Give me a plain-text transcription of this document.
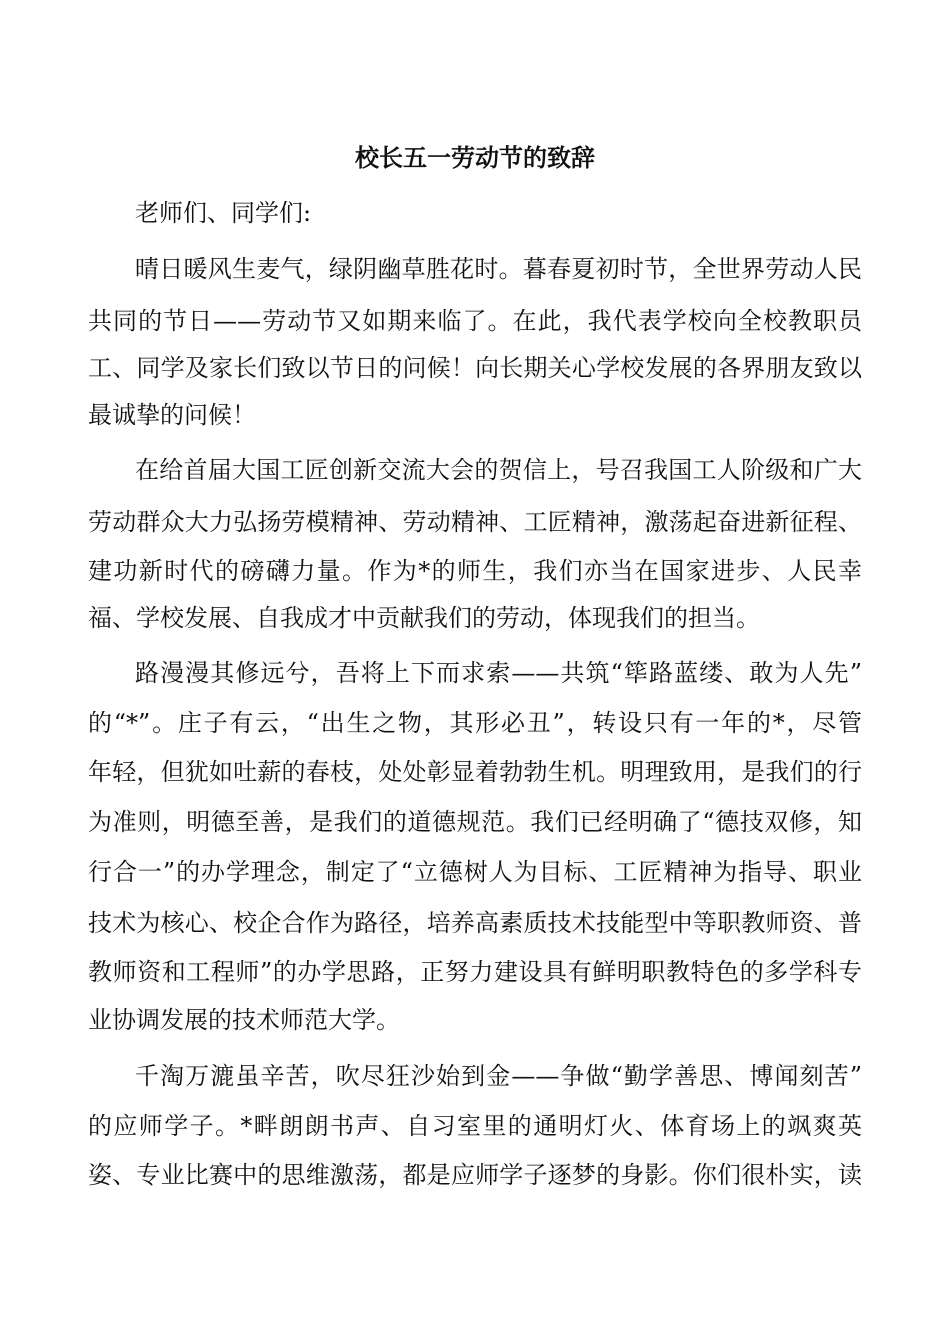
校长五一劳动节的致辞

老师们、同学们:

晴日暖风生麦气，绿阴幽草胜花时。暮春夏初时节，全世界劳动人民
共同的节日——劳动节又如期来临了。在此，我代表学校向全校教职员
工、同学及家长们致以节日的问候！向长期关心学校发展的各界朋友致以
最诚挚的问候！
在给首届大国工匠创新交流大会的贺信上，号召我国工人阶级和广大
劳动群众大力弘扬劳模精神、劳动精神、工匠精神，激荡起奋进新征程、
建功新时代的磅礴力量。作为*的师生，我们亦当在国家进步、人民幸
福、学校发展、自我成才中贡献我们的劳动，体现我们的担当。
路漫漫其修远兮，吾将上下而求索——共筑“筚路蓝缕、敢为人先”
的“*”。庄子有云，“出生之物，其形必丑”，转设只有一年的*，尽管
年轻，但犹如吐薪的春枝，处处彰显着勃勃生机。明理致用，是我们的行
为准则，明德至善，是我们的道德规范。我们已经明确了“德技双修，知
行合一”的办学理念，制定了“立德树人为目标、工匠精神为指导、职业
技术为核心、校企合作为路径，培养高素质技术技能型中等职教师资、普
教师资和工程师”的办学思路，正努力建设具有鲜明职教特色的多学科专
业协调发展的技术师范大学。
千淘万漉虽辛苦，吹尽狂沙始到金——争做“勤学善思、博闻刻苦”
的应师学子。*畔朗朗书声、自习室里的通明灯火、体育场上的飒爽英
姿、专业比赛中的思维激荡，都是应师学子逐梦的身影。你们很朴实，读
